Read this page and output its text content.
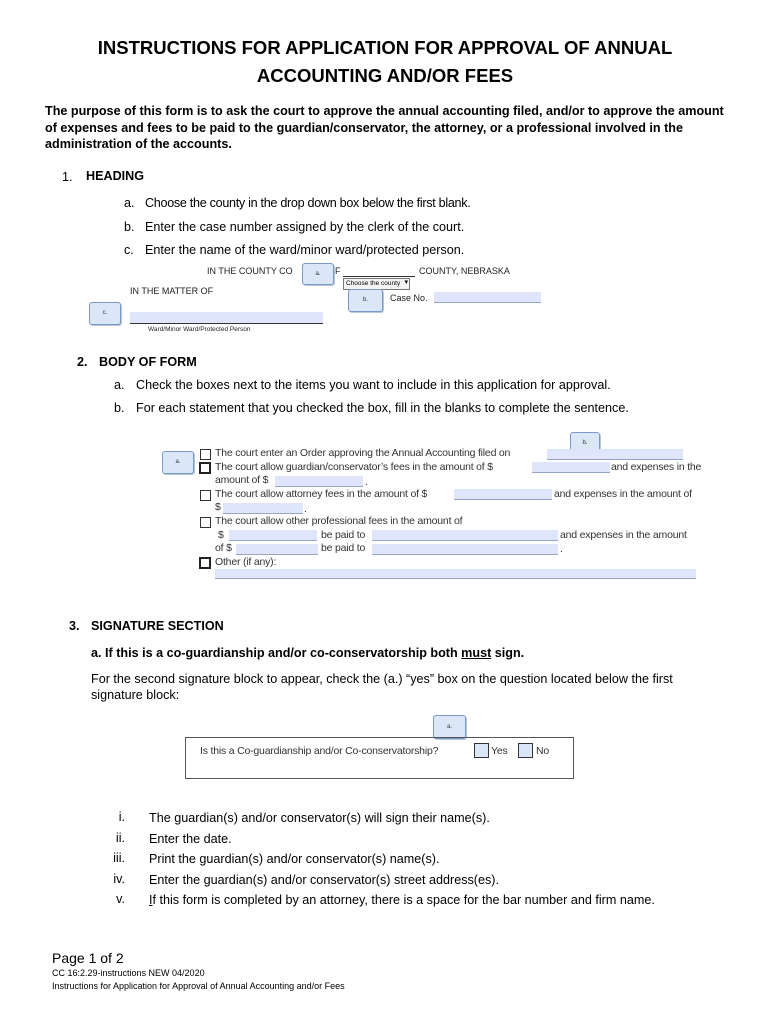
INSTRUCTIONS FOR APPLICATION FOR APPROVAL OF ANNUAL
ACCOUNTING AND/OR FEES
The purpose of this form is to ask the court to approve the annual accounting filed, and/or to approve the amount of expenses and fees to be paid to the guardian/conservator, the attorney, or a professional involved in the administration of the accounts.
1. HEADING
a. Choose the county in the drop down box below the first blank.
b. Enter the case number assigned by the clerk of the court.
c. Enter the name of the ward/minor ward/protected person.
IN THE COUNTY CO	a.	F	COUNTY, NEBRASKA
Choose the county ▾
IN THE MATTER OF
b.	Case No.
c.
Ward/Minor Ward/Protected Person
2. BODY OF FORM
a. Check the boxes next to the items you want to include in this application for approval.
b. For each statement that you checked the box, fill in the blanks to complete the sentence.
b.
a.
The court enter an Order approving the Annual Accounting filed on
The court allow guardian/conservator’s fees in the amount of $	and expenses in the
amount of $	.
The court allow attorney fees in the amount of $	and expenses in the amount of
$	.
The court allow other professional fees in the amount of
$	be paid to	and expenses in the amount
of $	be paid to	.
Other (if any):
3. SIGNATURE SECTION
a. If this is a co-guardianship and/or co-conservatorship both must sign.
For the second signature block to appear, check the (a.) “yes” box on the question located below the first signature block:
a.
Is this a Co-guardianship and/or Co-conservatorship?	Yes	No
i. The guardian(s) and/or conservator(s) will sign their name(s).
ii. Enter the date.
iii. Print the guardian(s) and/or conservator(s) name(s).
iv. Enter the guardian(s) and/or conservator(s) street address(es).
v. If this form is completed by an attorney, there is a space for the bar number and firm name.
Page 1 of 2
CC 16:2.29-instructions NEW 04/2020
Instructions for Application for Approval of Annual Accounting and/or Fees
